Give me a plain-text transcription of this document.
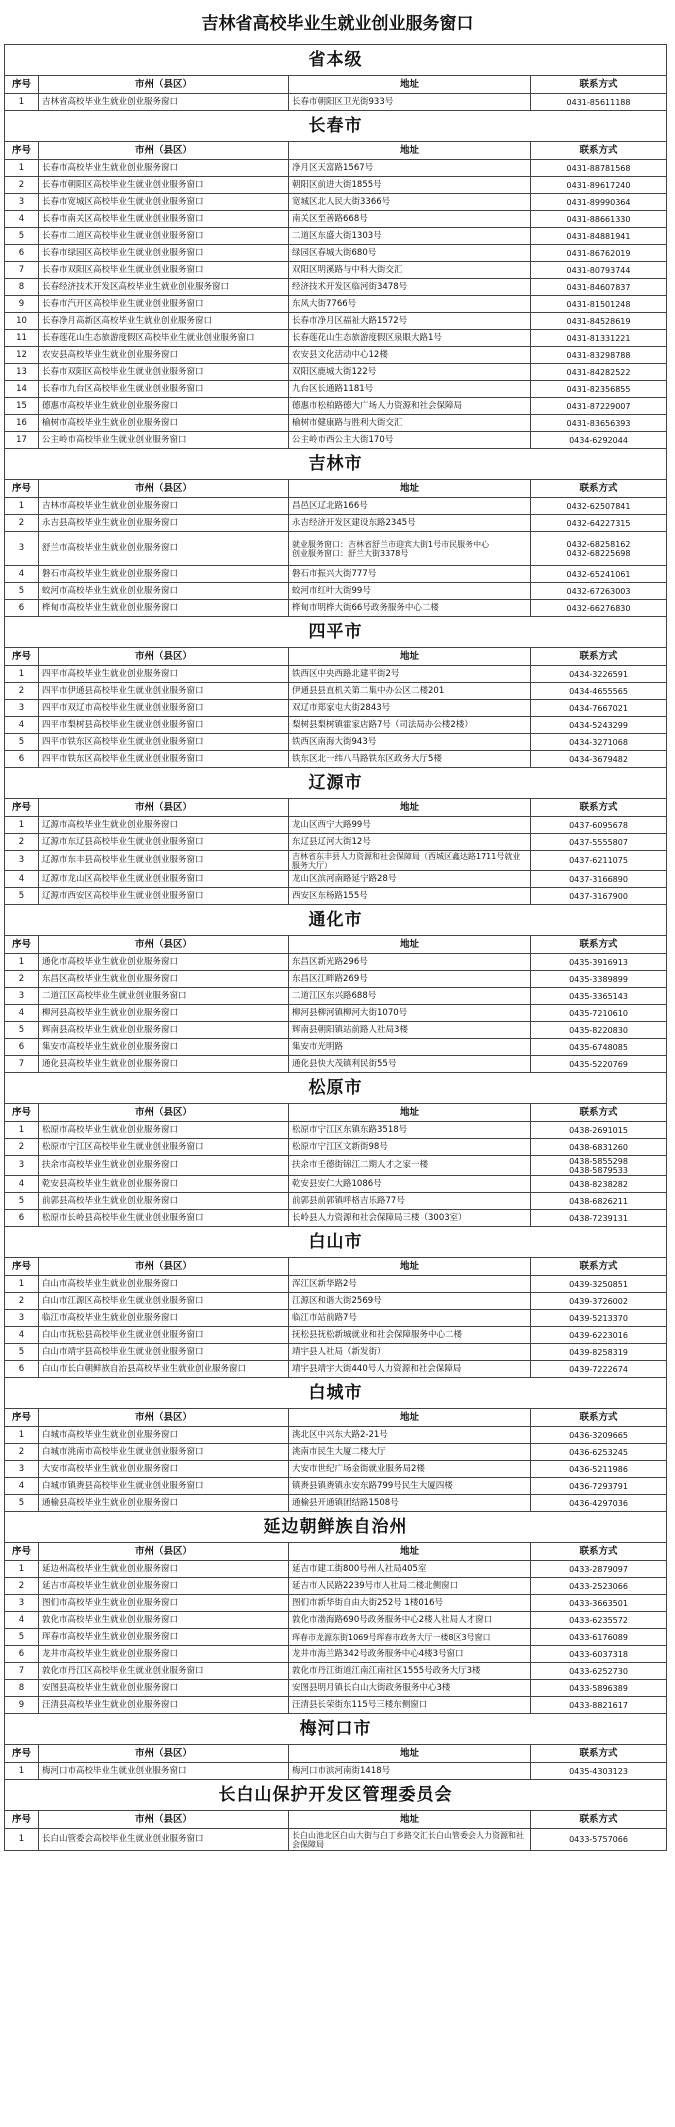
吉林省高校毕业生就业创业服务窗口
省本级			
序号	市州（县区）	地址	联系方式
1	吉林省高校毕业生就业创业服务窗口	长春市朝阳区卫光街933号	0431-85611188
长春市			
序号	市州（县区）	地址	联系方式
1	长春市高校毕业生就业创业服务窗口	净月区天富路1567号	0431-88781568
2	长春市朝阳区高校毕业生就业创业服务窗口	朝阳区前进大街1855号	0431-89617240
3	长春市宽城区高校毕业生就业创业服务窗口	宽城区北人民大街3366号	0431-89990364
4	长春市南关区高校毕业生就业创业服务窗口	南关区至善路668号	0431-88661330
5	长春市二道区高校毕业生就业创业服务窗口	二道区东盛大街1303号	0431-84881941
6	长春市绿园区高校毕业生就业创业服务窗口	绿园区春城大街680号	0431-86762019
7	长春市双阳区高校毕业生就业创业服务窗口	双阳区明溪路与中科大街交汇	0431-80793744
8	长春经济技术开发区高校毕业生就业创业服务窗口	经济技术开发区临河街3478号	0431-84607837
9	长春市汽开区高校毕业生就业创业服务窗口	东风大街7766号	0431-81501248
10	长春净月高新区高校毕业生就业创业服务窗口	长春市净月区福祉大路1572号	0431-84528619
11	长春莲花山生态旅游度假区高校毕业生就业创业服务窗口	长春莲花山生态旅游度假区泉眼大路1号	0431-81331221
12	农安县高校毕业生就业创业服务窗口	农安县文化活动中心12楼	0431-83298788
13	长春市双阳区高校毕业生就业创业服务窗口	双阳区鹿城大街122号	0431-84282522
14	长春市九台区高校毕业生就业创业服务窗口	九台区长通路1181号	0431-82356855
15	德惠市高校毕业生就业创业服务窗口	德惠市松柏路德大广场人力资源和社会保障局	0431-87229007
16	榆树市高校毕业生就业创业服务窗口	榆树市健康路与胜利大街交汇	0431-83656393
17	公主岭市高校毕业生就业创业服务窗口	公主岭市西公主大街170号	0434-6292044
吉林市			
序号	市州（县区）	地址	联系方式
1	吉林市高校毕业生就业创业服务窗口	昌邑区辽北路166号	0432-62507841
2	永吉县高校毕业生就业创业服务窗口	永吉经济开发区建设东路2345号	0432-64227315
3	舒兰市高校毕业生就业创业服务窗口	就业服务窗口：吉林省舒兰市迎宾大街1号市民服务中心
创业服务窗口：舒兰大街3378号	0432-68258162
0432-68225698
4	磐石市高校毕业生就业创业服务窗口	磐石市振兴大街777号	0432-65241061
5	蛟河市高校毕业生就业创业服务窗口	蛟河市红叶大街99号	0432-67263003
6	桦甸市高校毕业生就业创业服务窗口	桦甸市明桦大街66号政务服务中心二楼	0432-66276830
四平市			
序号	市州（县区）	地址	联系方式
1	四平市高校毕业生就业创业服务窗口	铁西区中央西路北建平街2号	0434-3226591
2	四平市伊通县高校毕业生就业创业服务窗口	伊通县县直机关第二集中办公区二楼201	0434-4655565
3	四平市双辽市高校毕业生就业创业服务窗口	双辽市郑家屯大街2843号	0434-7667021
4	四平市梨树县高校毕业生就业创业服务窗口	梨树县梨树镇霍家店路7号（司法局办公楼2楼）	0434-5243299
5	四平市铁东区高校毕业生就业创业服务窗口	铁西区南海大街943号	0434-3271068
6	四平市铁东区高校毕业生就业创业服务窗口	铁东区北一纬八马路铁东区政务大厅5楼	0434-3679482
辽源市			
序号	市州（县区）	地址	联系方式
1	辽源市高校毕业生就业创业服务窗口	龙山区西宁大路99号	0437-6095678
2	辽源市东辽县高校毕业生就业创业服务窗口	东辽县辽河大街12号	0437-5555807
3	辽源市东丰县高校毕业生就业创业服务窗口	吉林省东丰县人力资源和社会保障局（西城区鑫达路1711号就业服务大厅）	0437-6211075
4	辽源市龙山区高校毕业生就业创业服务窗口	龙山区滨河南路延宁路28号	0437-3166890
5	辽源市西安区高校毕业生就业创业服务窗口	西安区东杨路155号	0437-3167900
通化市			
序号	市州（县区）	地址	联系方式
1	通化市高校毕业生就业创业服务窗口	东昌区新光路296号	0435-3916913
2	东昌区高校毕业生就业创业服务窗口	东昌区江畔路269号	0435-3389899
3	二道江区高校毕业生就业创业服务窗口	二道江区东兴路688号	0435-3365143
4	柳河县高校毕业生就业创业服务窗口	柳河县柳河镇柳河大街1070号	0435-7210610
5	辉南县高校毕业生就业创业服务窗口	辉南县朝阳镇站前路人社局3楼	0435-8220830
6	集安市高校毕业生就业创业服务窗口	集安市光明路	0435-6748085
7	通化县高校毕业生就业创业服务窗口	通化县快大茂镇利民街55号	0435-5220769
松原市			
序号	市州（县区）	地址	联系方式
1	松原市高校毕业生就业创业服务窗口	松原市宁江区东镇东路3518号	0438-2691015
2	松原市宁江区高校毕业生就业创业服务窗口	松原市宁江区文新街98号	0438-6831260
3	扶余市高校毕业生就业创业服务窗口	扶余市壬德街锦江二期人才之家一楼	0438-5855298
0438-5879533
4	乾安县高校毕业生就业创业服务窗口	乾安县安仁大路1086号	0438-8238282
5	前郭县高校毕业生就业创业服务窗口	前郭县前郭镇呼格吉乐路77号	0438-6826211
6	松原市长岭县高校毕业生就业创业服务窗口	长岭县人力资源和社会保障局三楼（3003室）	0438-7239131
白山市			
序号	市州（县区）	地址	联系方式
1	白山市高校毕业生就业创业服务窗口	浑江区新华路2号	0439-3250851
2	白山市江源区高校毕业生就业创业服务窗口	江源区和谐大街2569号	0439-3726002
3	临江市高校毕业生就业创业服务窗口	临江市站前路7号	0439-5213370
4	白山市抚松县高校毕业生就业创业服务窗口	抚松县抚松新城就业和社会保障服务中心二楼	0439-6223016
5	白山市靖宇县高校毕业生就业创业服务窗口	靖宇县人社局（新发街）	0439-8258319
6	白山市长白朝鲜族自治县高校毕业生就业创业服务窗口	靖宇县靖宇大街440号人力资源和社会保障局	0439-7222674
白城市			
序号	市州（县区）	地址	联系方式
1	白城市高校毕业生就业创业服务窗口	洮北区中兴东大路2-21号	0436-3209665
2	白城市洮南市高校毕业生就业创业服务窗口	洮南市民生大厦二楼大厅	0436-6253245
3	大安市高校毕业生就业创业服务窗口	大安市世纪广场金街就业服务局2楼	0436-5211986
4	白城市镇赉县高校毕业生就业创业服务窗口	镇赉县镇赉镇永安东路799号民生大厦四楼	0436-7293791
5	通榆县高校毕业生就业创业服务窗口	通榆县开通镇团结路1508号	0436-4297036
延边朝鲜族自治州			
序号	市州（县区）	地址	联系方式
1	延边州高校毕业生就业创业服务窗口	延吉市建工街800号州人社局405室	0433-2879097
2	延吉市高校毕业生就业创业服务窗口	延吉市人民路2239号市人社局二楼北侧窗口	0433-2523066
3	图们市高校毕业生就业创业服务窗口	图们市新华街自由大街252号 1楼016号	0433-3663501
4	敦化市高校毕业生就业创业服务窗口	敦化市渤海路690号政务服务中心2楼人社局人才窗口	0433-6235572
5	珲春市高校毕业生就业创业服务窗口	珲春市龙源东街1069号珲春市政务大厅一楼8区3号窗口	0433-6176089
6	龙井市高校毕业生就业创业服务窗口	龙井市海兰路342号政务服务中心4楼3号窗口	0433-6037318
7	敦化市丹江区高校毕业生就业创业服务窗口	敦化市丹江街道江南江南社区1555号政务大厅3楼	0433-6252730
8	安图县高校毕业生就业创业服务窗口	安图县明月镇长白山大街政务服务中心3楼	0433-5896389
9	汪清县高校毕业生就业创业服务窗口	汪清县长荣街东115号三楼东侧窗口	0433-8821617
梅河口市			
序号	市州（县区）	地址	联系方式
1	梅河口市高校毕业生就业创业服务窗口	梅河口市滨河南街1418号	0435-4303123
长白山保护开发区管理委员会			
序号	市州（县区）	地址	联系方式
1	长白山管委会高校毕业生就业创业服务窗口	长白山池北区白山大街与白丁乡路交汇长白山管委会人力资源和社会保障局	0433-5757066
